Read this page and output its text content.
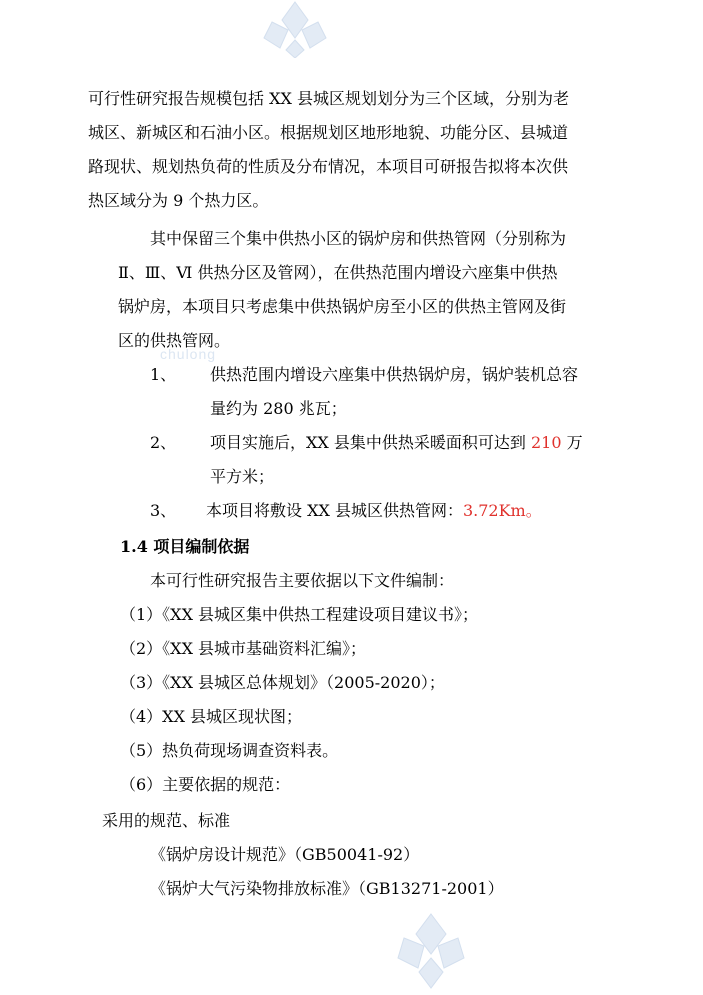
chulong
可行性研究报告规模包括 XX 县城区规划划分为三个区域，分别为老
城区、新城区和石油小区。根据规划区地形地貌、功能分区、县城道
路现状、规划热负荷的性质及分布情况，本项目可研报告拟将本次供
热区域分为 9 个热力区。
其中保留三个集中供热小区的锅炉房和供热管网（分别称为
Ⅱ、Ⅲ、Ⅵ 供热分区及管网），在供热范围内增设六座集中供热
锅炉房，本项目只考虑集中供热锅炉房至小区的供热主管网及街
区的供热管网。
1、 供热范围内增设六座集中供热锅炉房，锅炉装机总容
量约为 280 兆瓦；
2、 项目实施后，XX 县集中供热采暖面积可达到 210 万
平方米；
3、 本项目将敷设 XX 县城区供热管网：3.72Km。
1.4 项目编制依据
本可行性研究报告主要依据以下文件编制：
（1）《XX 县城区集中供热工程建设项目建议书》；
（2）《XX 县城市基础资料汇编》；
（3）《XX 县城区总体规划》（2005-2020）；
（4）XX 县城区现状图；
（5）热负荷现场调查资料表。
（6）主要依据的规范：
采用的规范、标准
《锅炉房设计规范》（GB50041-92）
《锅炉大气污染物排放标准》（GB13271-2001）
